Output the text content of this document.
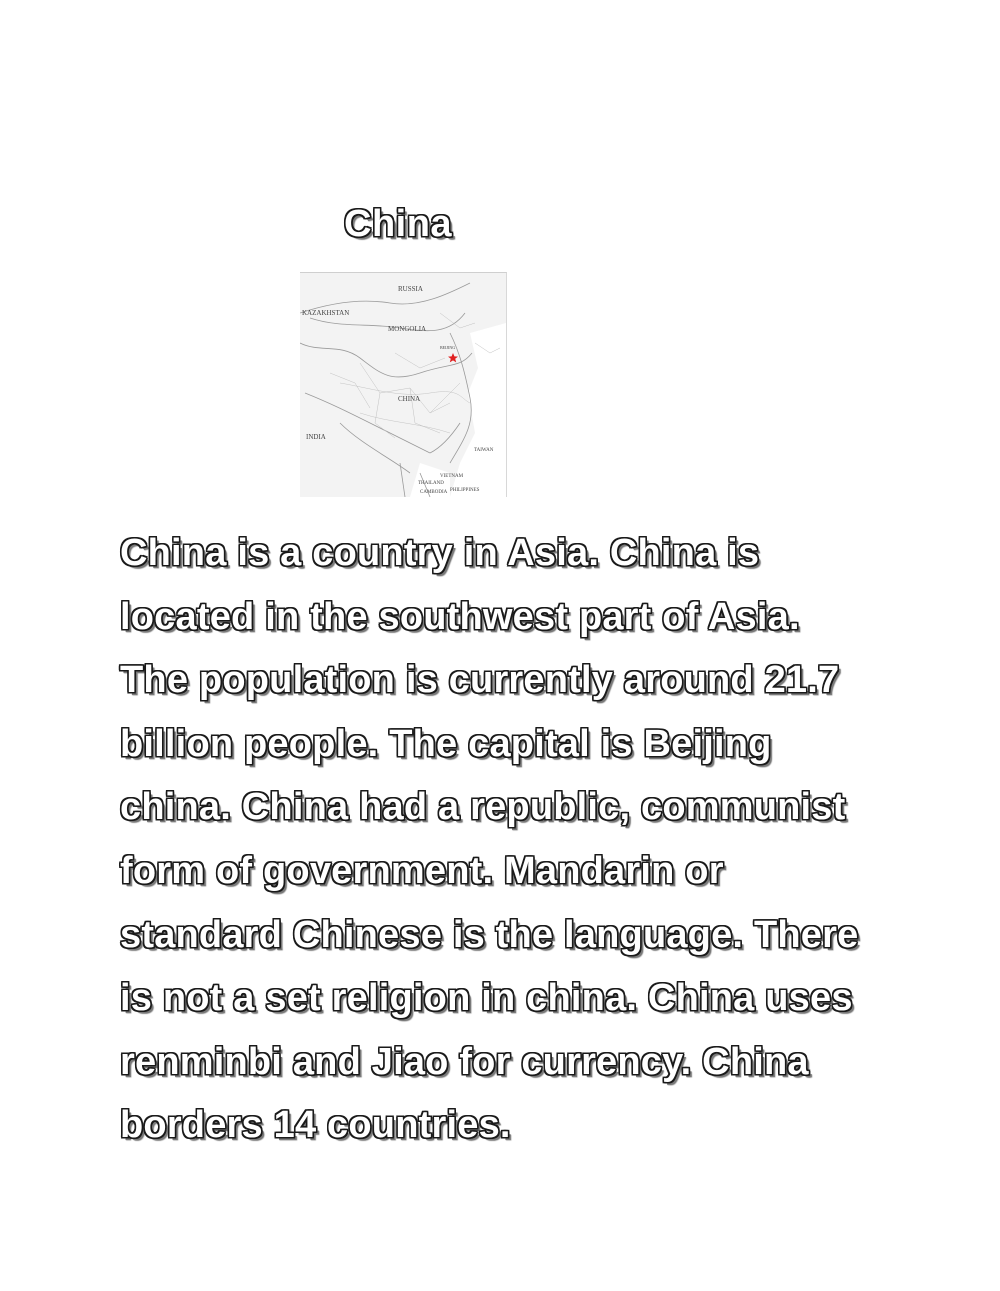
China
RUSSIA
KAZAKHSTAN
MONGOLIA
BEIJING
CHINA
INDIA
TAIWAN
VIETNAM
THAILAND
CAMBODIA PHILIPPINES
China is a country in Asia. China is
located in the southwest part of Asia.
The population is currently around 21.7
billion people. The capital is Beijing
china. China had a republic, communist
form of government. Mandarin or
standard Chinese is the language. There
is not a set religion in china. China uses
renminbi and Jiao for currency. China
borders 14 countries.
